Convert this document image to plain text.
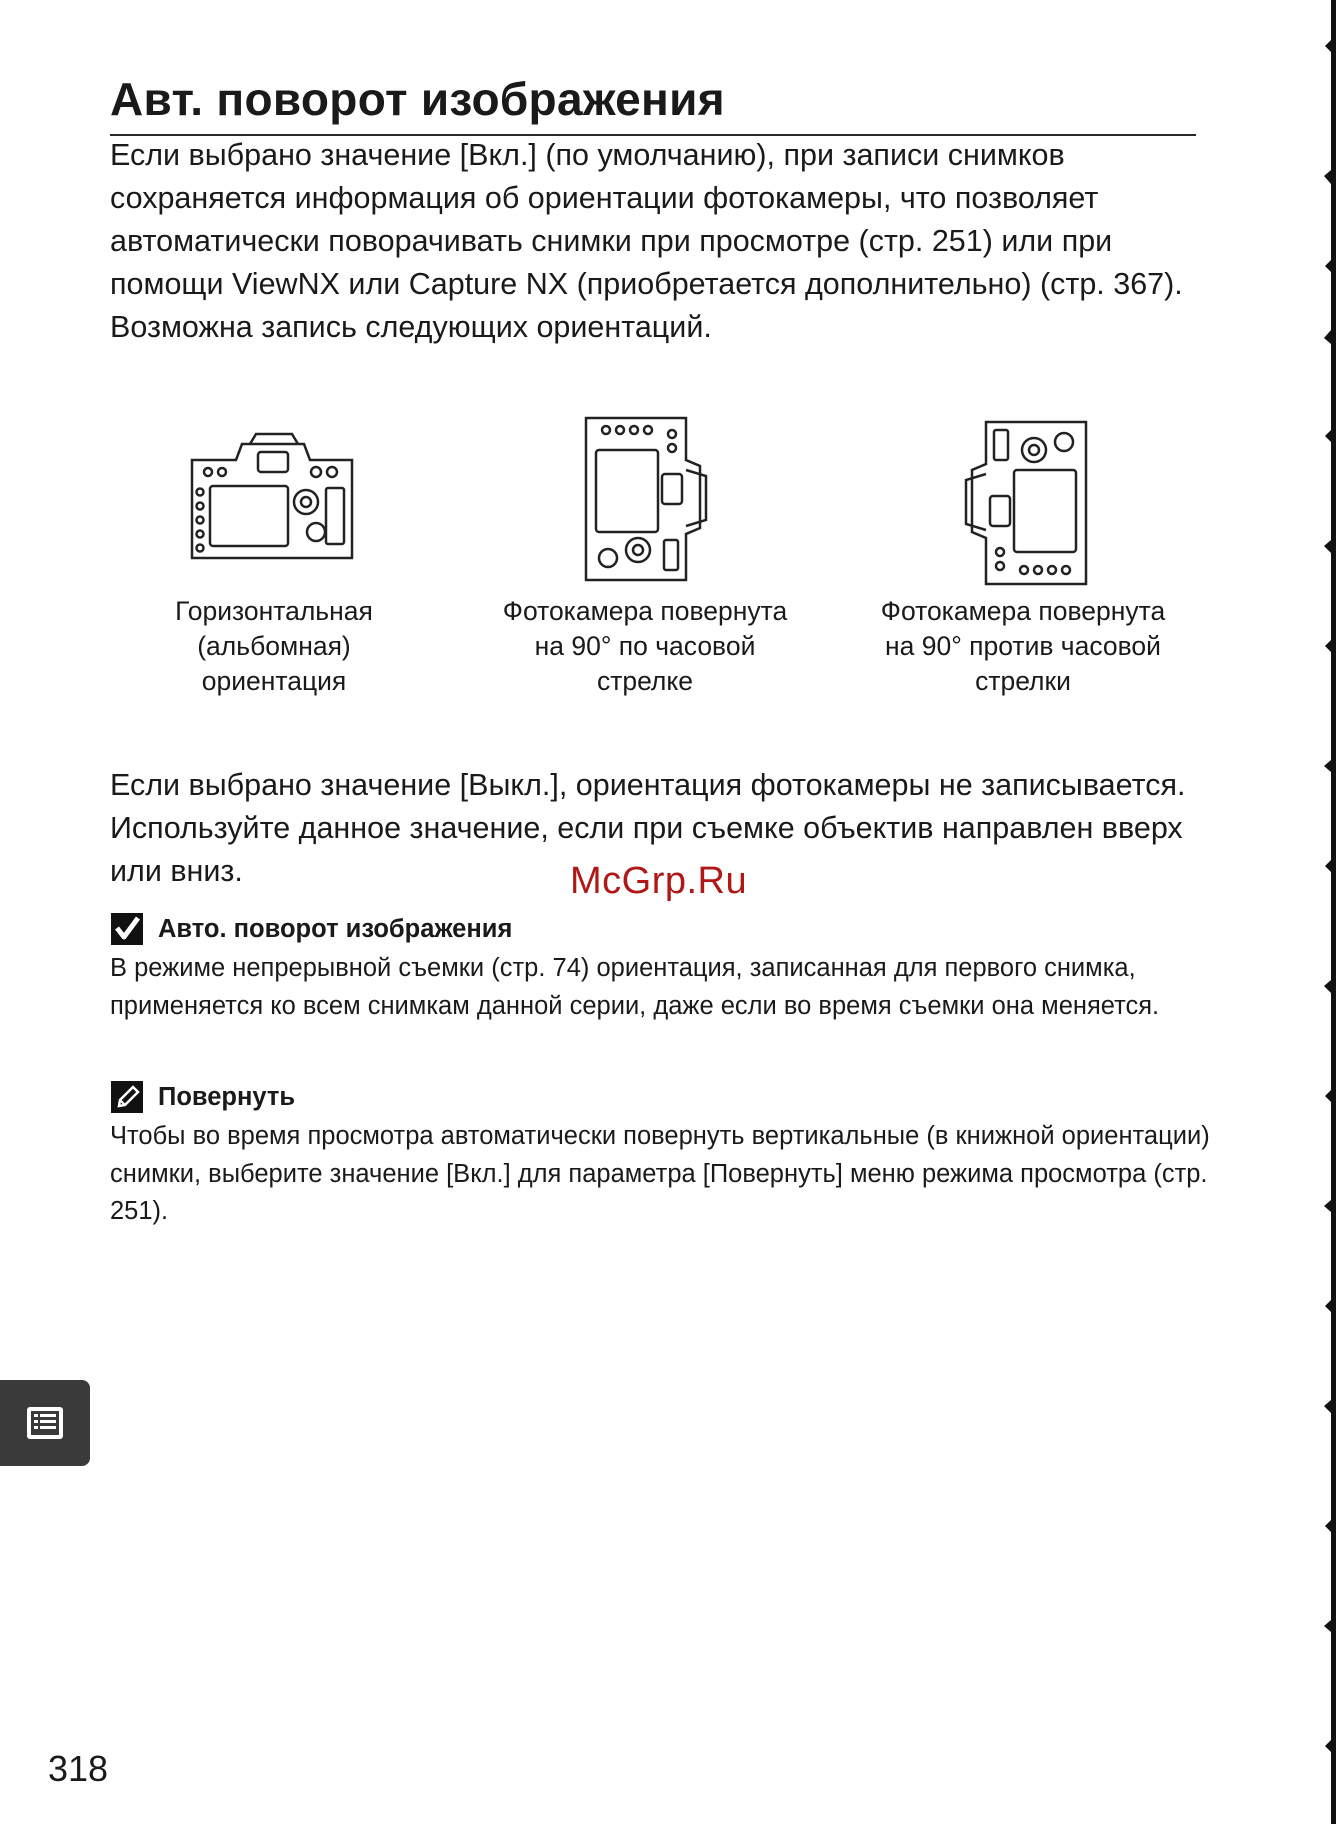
Авт. поворот изображения

Если выбрано значение [Вкл.] (по умолчанию), при записи снимков сохраняется информация об ориентации фотокамеры, что позволяет автоматически поворачивать снимки при просмотре (стр. 251) или при помощи ViewNX или Capture NX (приобретается дополнительно) (стр. 367). Возможна запись следующих ориентаций.

Горизонтальная (альбомная) ориентация

Фотокамера повернута на 90° по часовой стрелке

Фотокамера повернута на 90° против часовой стрелки

Если выбрано значение [Выкл.], ориентация фотокамеры не записывается. Используйте данное значение, если при съемке объектив направлен вверх или вниз.

Авто. поворот изображения

В режиме непрерывной съемки (стр. 74) ориентация, записанная для первого снимка, применяется ко всем снимкам данной серии, даже если во время съемки она меняется.

McGrp.Ru
Повернуть

Чтобы во время просмотра автоматически повернуть вертикальные (в книжной ориентации) снимки, выберите значение [Вкл.] для параметра [Повернуть] меню режима просмотра (стр. 251).

318
